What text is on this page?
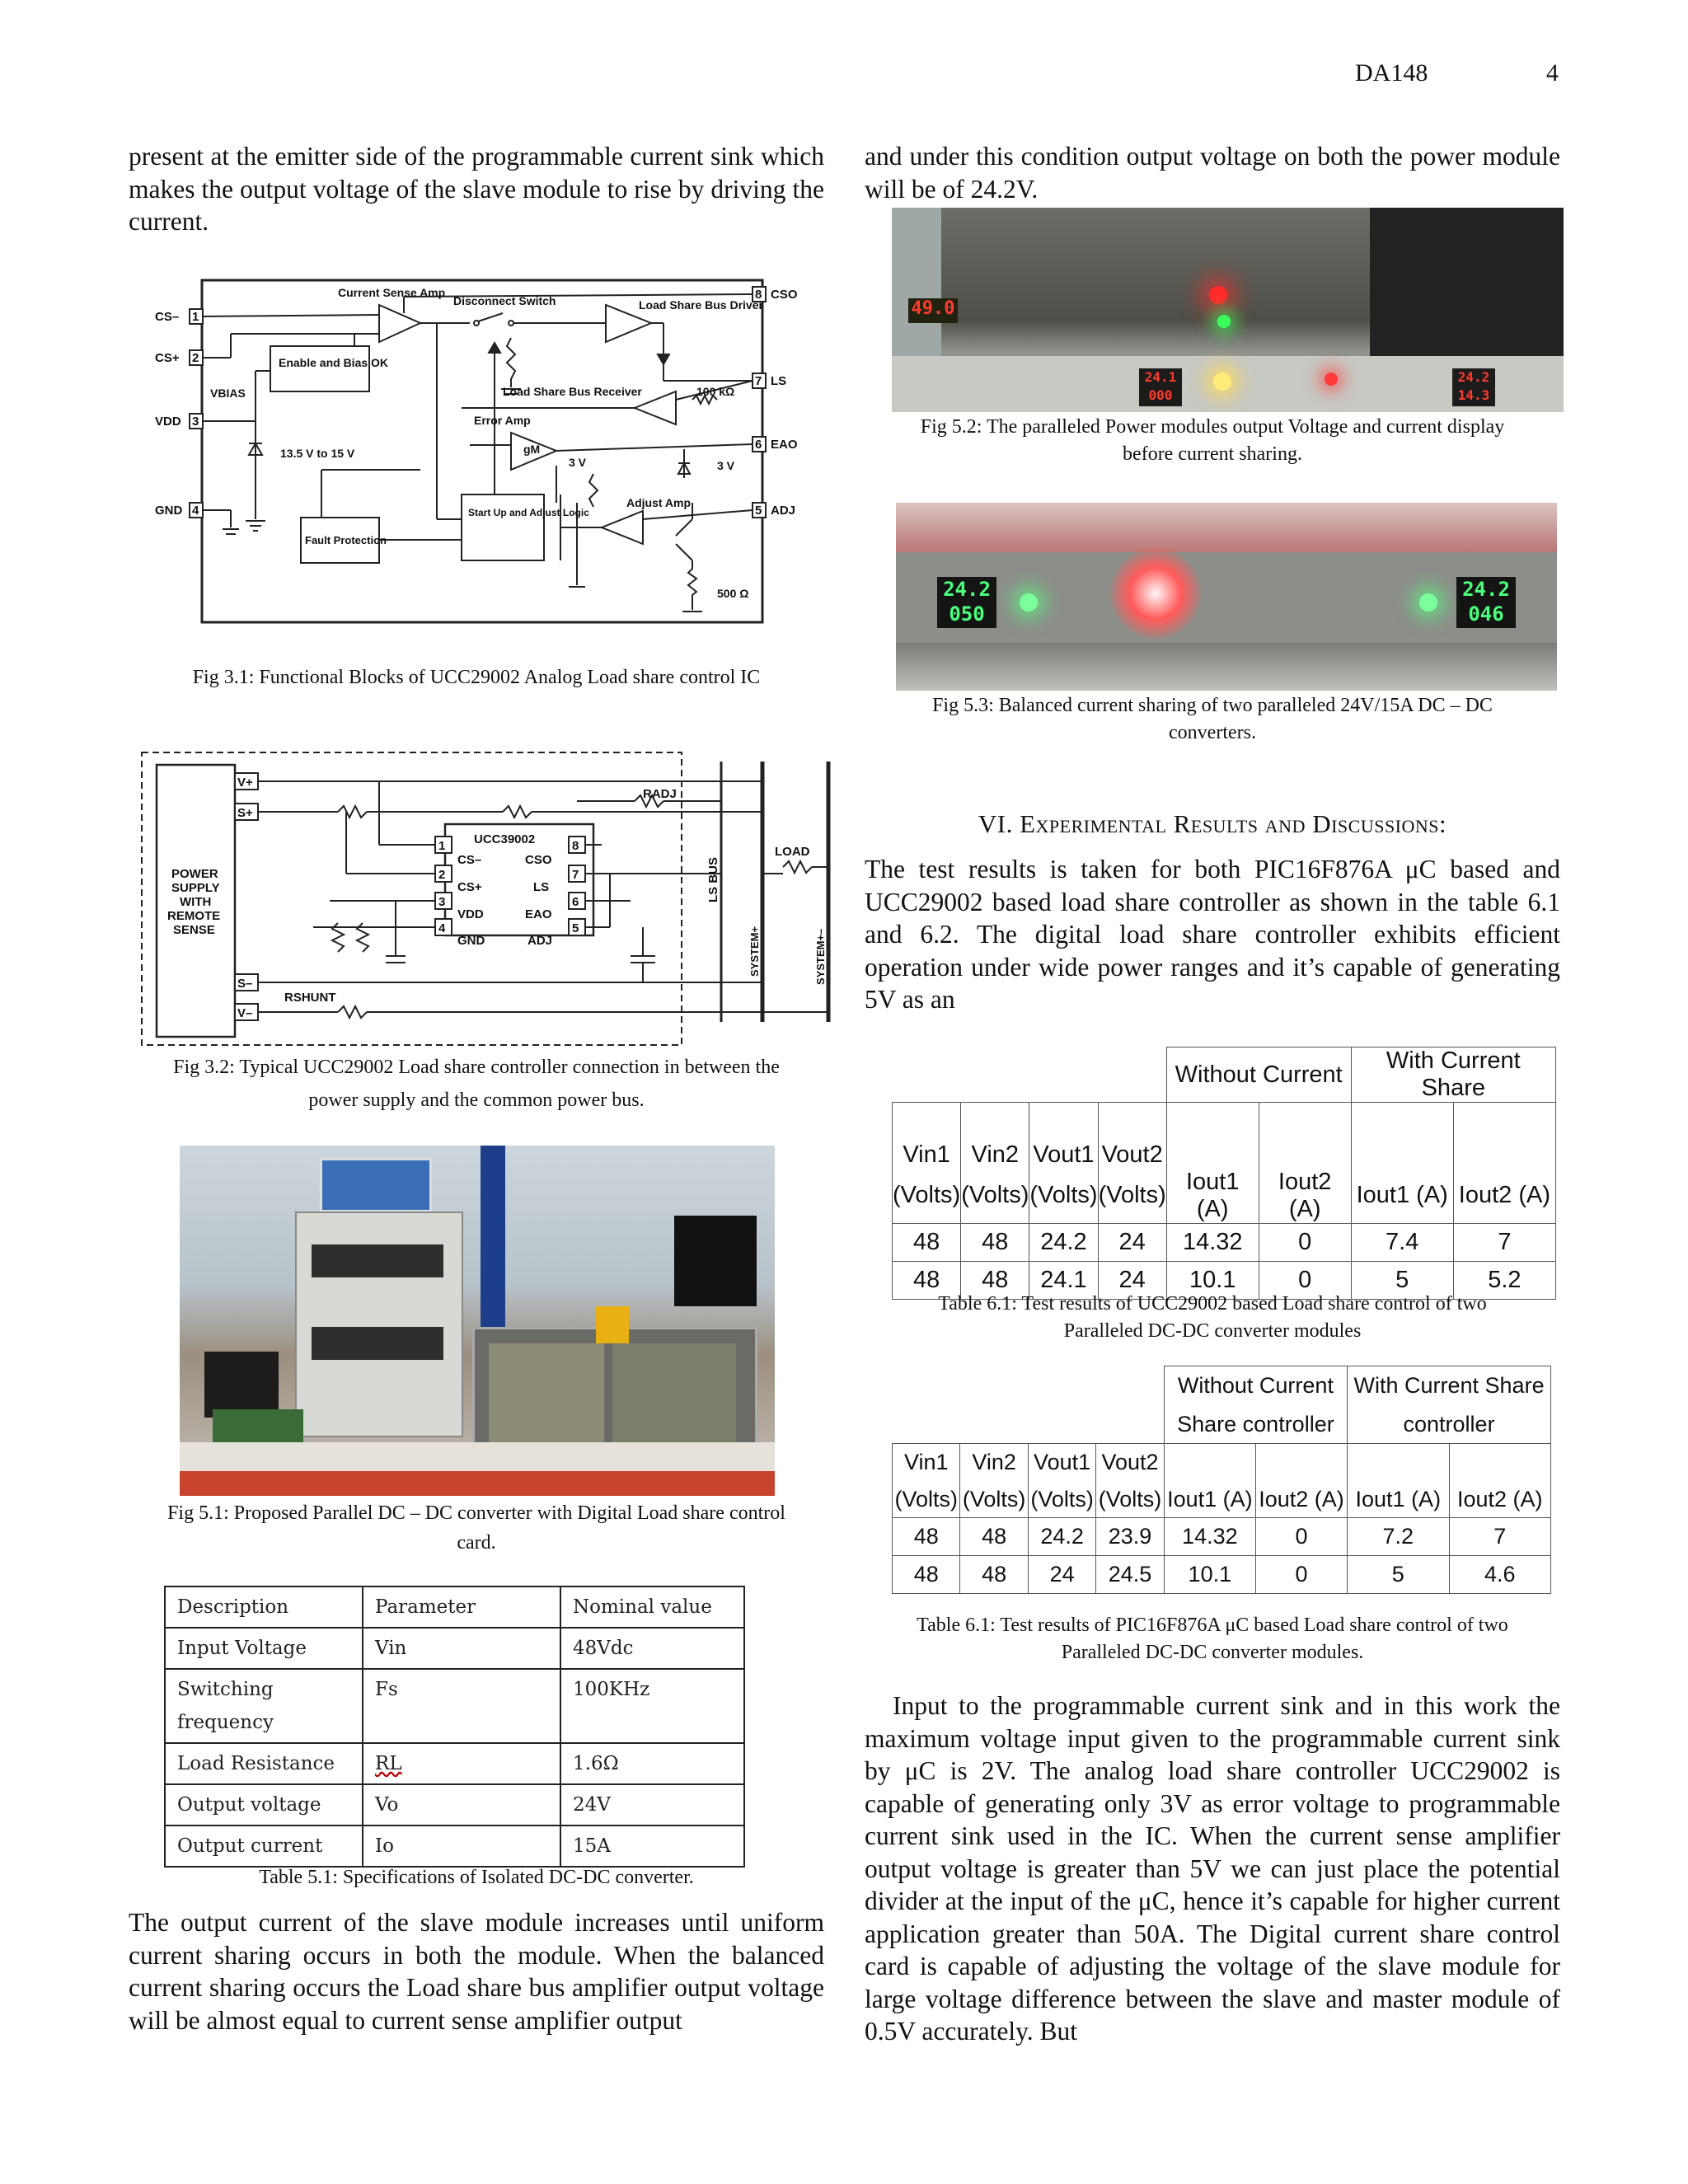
DA148	4

present at the emitter side of the programmable current sink which makes the output voltage of the slave module to rise by driving the current.

Current Sense Amp
Disconnect Switch	Load Share Bus Driver
Enable and Bias OK
VBIAS	Load Share Bus Receiver	100 kΩ
Error Amp
gM
13.5 V to 15 V
3 V	3 V
Adjust Amp
Start Up and Adjust Logic
Fault Protection
500 Ω
CS–
CS+
VDD
GND
1
2
3
4
8
7
6
5
CSO
LS
EAO
ADJ
Fig 3.1: Functional Blocks of UCC29002 Analog Load share control IC
POWER
SUPPLY
WITH
REMOTE
SENSE
V+
S+
S–
V–
UCC39002
CS–
CS+
VDD
GND
1
2
3
4
CSO
LS
EAO
ADJ
8
7
6
5
RADJ
RSHUNT
LOAD
LS BUS
SYSTEM+	SYSTEM+–
Fig 3.2: Typical UCC29002 Load share controller connection in between the
power supply and the common power bus.
Fig 5.1: Proposed Parallel DC – DC converter with Digital Load share control
card.
Description	Parameter	Nominal value
Input Voltage	Vin	48Vdc
Switching frequency	Fs	100KHz
Load Resistance	RL	1.6Ω
Output voltage	Vo	24V
Output current	Io	15A
Table 5.1: Specifications of Isolated DC-DC converter.

The output current of the slave module increases until uniform current sharing occurs in both the module. When the balanced current sharing occurs the Load share bus amplifier output voltage will be almost equal to current sense amplifier output

and under this condition output voltage on both the power module will be of 24.2V.

49.0
24.1
000
24.2
14.3
Fig 5.2: The paralleled Power modules output Voltage and current display
before current sharing.
24.2
050
24.2
046
Fig 5.3: Balanced current sharing of two paralleled 24V/15A DC – DC
converters.
VI. Experimental Results and Discussions:

The test results is taken for both PIC16F876A μC based and UCC29002 based load share controller as shown in the table 6.1 and 6.2. The digital load share controller exhibits efficient operation under wide power ranges and it’s capable of generating 5V as an

				Without Current		With Current Share	
Vin1	Vin2	Vout1	Vout2				
(Volts)	(Volts)	(Volts)	(Volts)	Iout1 (A)	Iout2 (A)	Iout1 (A)	Iout2 (A)
48	48	24.2	24	14.32	0	7.4	7
48	48	24.1	24	10.1	0	5	5.2
Table 6.1: Test results of UCC29002 based Load share control of two
Paralleled DC-DC converter modules
				Without Current		With Current Share	
				Share controller		controller	
Vin1	Vin2	Vout1	Vout2				
(Volts)	(Volts)	(Volts)	(Volts)	Iout1 (A)	Iout2 (A)	Iout1 (A)	Iout2 (A)
48	48	24.2	23.9	14.32	0	7.2	7
48	48	24	24.5	10.1	0	5	4.6
Table 6.1: Test results of PIC16F876A μC based Load share control of two
Paralleled DC-DC converter modules.

Input to the programmable current sink and in this work the maximum voltage input given to the programmable current sink by μC is 2V. The analog load share controller UCC29002 is capable of generating only 3V as error voltage to programmable current sink used in the IC. When the current sense amplifier output voltage is greater than 5V we can just place the potential divider at the input of the μC, hence it’s capable for higher current application greater than 50A. The Digital current share control card is capable of adjusting the voltage of the slave module for large voltage difference between the slave and master module of 0.5V accurately. But
